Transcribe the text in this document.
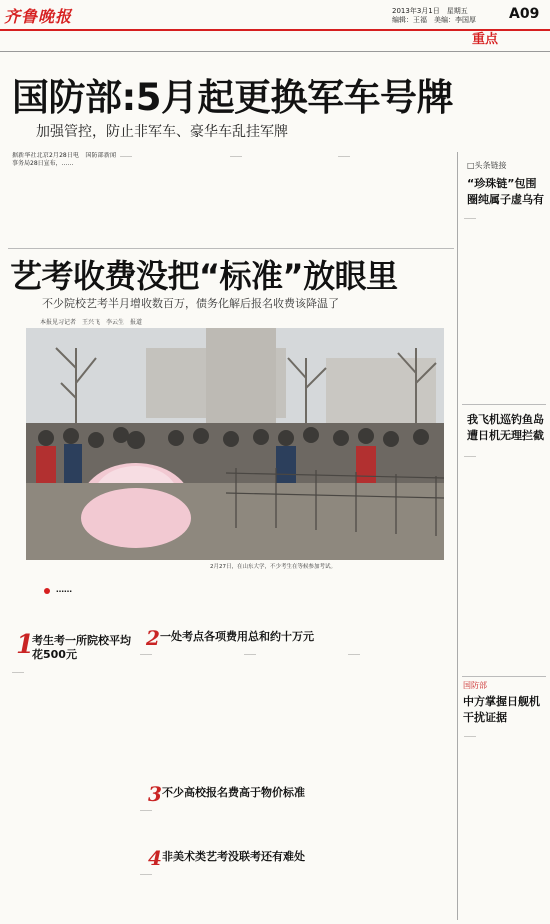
齐鲁晚报	2013年3月1日　星期五
编辑：王福　美编：李国厚	A09
重点
国防部:5月起更换军车号牌
加强管控，防止非军车、豪华车乱挂军牌
据新华社北京2月28日电　国防部新闻事务局28日宣布，……
……	……	……
艺考收费没把“标准”放眼里
不少院校艺考半月增收数百万，债务化解后报名收费该降温了
本报见习记者　王兴飞　李云生　报道
2月27日，在山东大学，不少考生在等候参加考试。
……
1
考生考一所院校平均花500元
……
2 一处考点各项费用总和约十万元
……	……	……
3 不少高校报名费高于物价标准
……
4 非美术类艺考没联考还有难处
……
□头条链接
“珍珠链”包围圈纯属子虚乌有
……
我飞机巡钓鱼岛遭日机无理拦截
……
国防部
中方掌握日舰机干扰证据
……
